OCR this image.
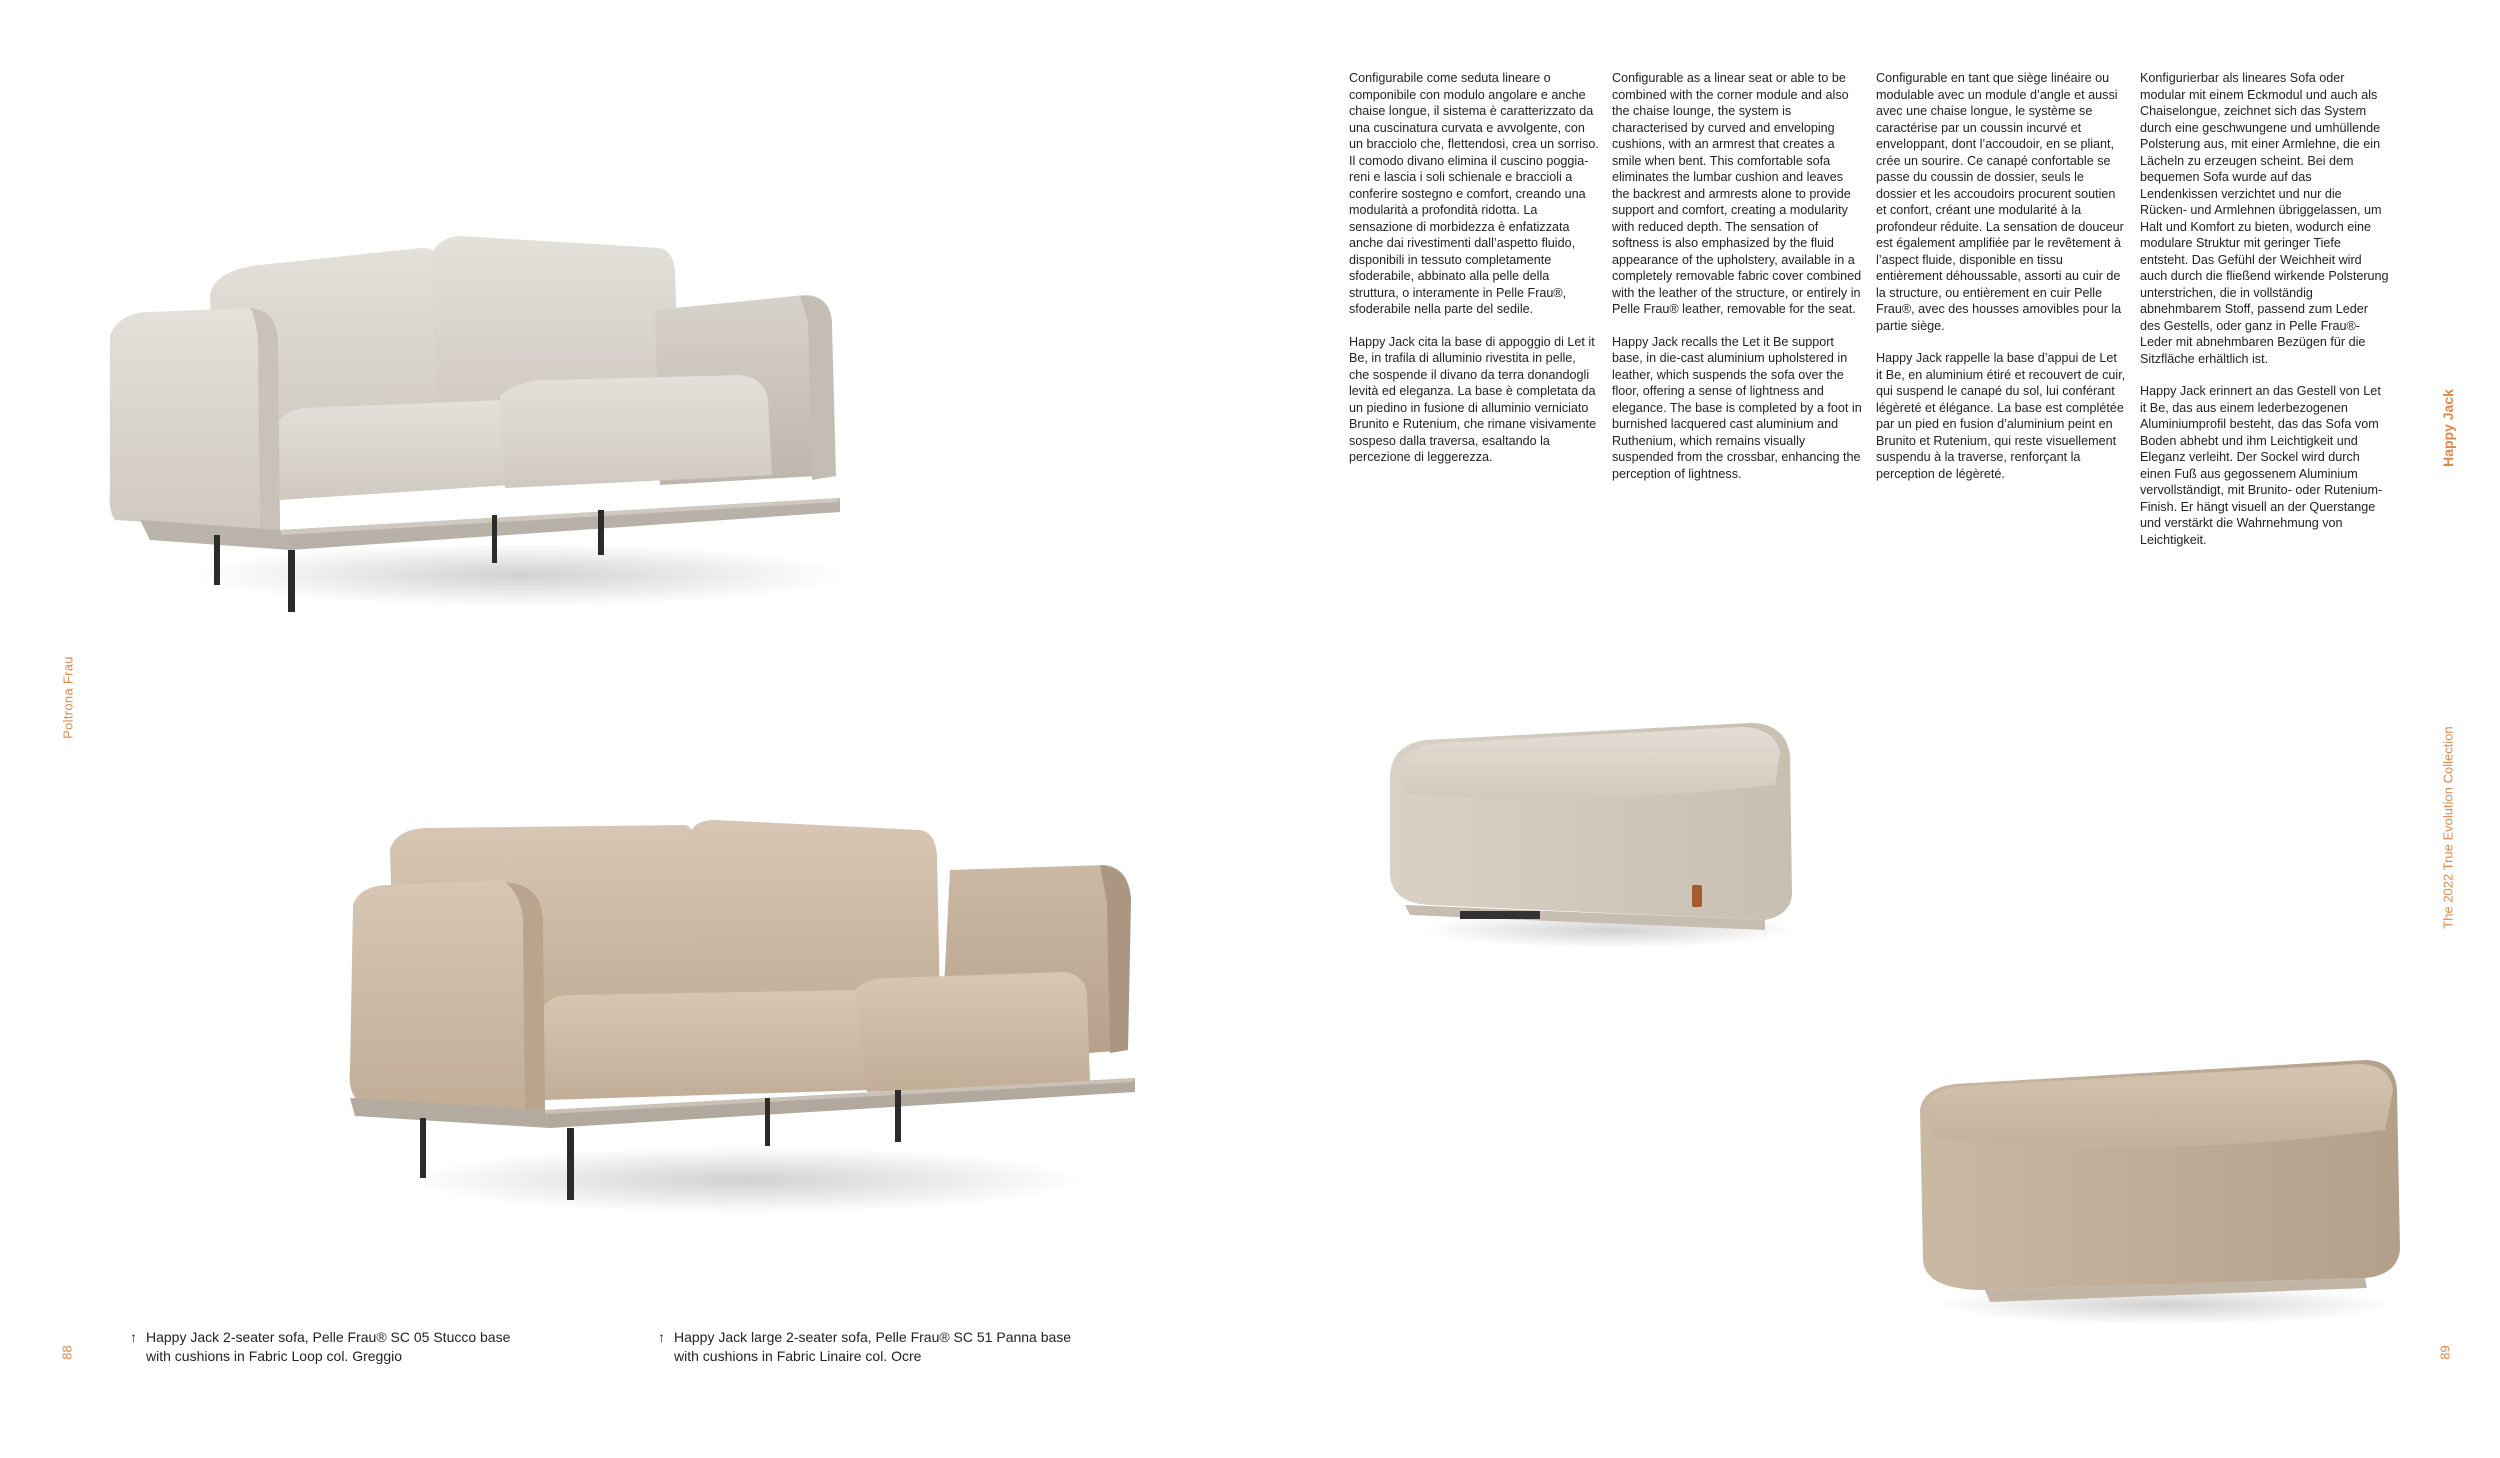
Poltrona Frau
88
Happy Jack
The 2022 True Evolution Collection
89

Configurabile come seduta lineare o componibile con modulo angolare e anche chaise longue, il sistema è caratterizzato da una cuscinatura curvata e avvolgente, con un bracciolo che, flettendosi, crea un sorriso. Il comodo divano elimina il cuscino poggia-reni e lascia i soli schienale e braccioli a conferire sostegno e comfort, creando una modularità a profondità ridotta. La sensazione di morbidezza è enfatizzata anche dai rivestimenti dall’aspetto fluido, disponibili in tessuto completamente sfoderabile, abbinato alla pelle della struttura, o interamente in Pelle Frau®, sfoderabile nella parte del sedile.

Happy Jack cita la base di appoggio di Let it Be, in trafila di alluminio rivestita in pelle, che sospende il divano da terra donandogli levità ed eleganza. La base è completata da un piedino in fusione di alluminio verniciato Brunito e Rutenium, che rimane visivamente sospeso dalla traversa, esaltando la percezione di leggerezza.

Configurable as a linear seat or able to be combined with the corner module and also the chaise lounge, the system is characterised by curved and enveloping cushions, with an armrest that creates a smile when bent. This comfortable sofa eliminates the lumbar cushion and leaves the backrest and armrests alone to provide support and comfort, creating a modularity with reduced depth. The sensation of softness is also emphasized by the fluid appearance of the upholstery, available in a completely removable fabric cover combined with the leather of the structure, or entirely in Pelle Frau® leather, removable for the seat.

Happy Jack recalls the Let it Be support base, in die-cast aluminium upholstered in leather, which suspends the sofa over the floor, offering a sense of lightness and elegance. The base is completed by a foot in burnished lacquered cast aluminium and Ruthenium, which remains visually suspended from the crossbar, enhancing the perception of lightness.

Configurable en tant que siège linéaire ou modulable avec un module d’angle et aussi avec une chaise longue, le système se caractérise par un coussin incurvé et enveloppant, dont l’accoudoir, en se pliant, crée un sourire. Ce canapé confortable se passe du coussin de dossier, seuls le dossier et les accoudoirs procurent soutien et confort, créant une modularité à la profondeur réduite. La sensation de douceur est également amplifiée par le revêtement à l’aspect fluide, disponible en tissu entièrement déhoussable, assorti au cuir de la structure, ou entièrement en cuir Pelle Frau®, avec des housses amovibles pour la partie siège.

Happy Jack rappelle la base d’appui de Let it Be, en aluminium étiré et recouvert de cuir, qui suspend le canapé du sol, lui conférant légèreté et élégance. La base est complétée par un pied en fusion d’aluminium peint en Brunito et Rutenium, qui reste visuellement suspendu à la traverse, renforçant la perception de légèreté.

Konfigurierbar als lineares Sofa oder modular mit einem Eckmodul und auch als Chaiselongue, zeichnet sich das System durch eine geschwungene und umhüllende Polsterung aus, mit einer Armlehne, die ein Lächeln zu erzeugen scheint. Bei dem bequemen Sofa wurde auf das Lendenkissen verzichtet und nur die Rücken- und Armlehnen übriggelassen, um Halt und Komfort zu bieten, wodurch eine modulare Struktur mit geringer Tiefe entsteht. Das Gefühl der Weichheit wird auch durch die fließend wirkende Polsterung unterstrichen, die in vollständig abnehmbarem Stoff, passend zum Leder des Gestells, oder ganz in Pelle Frau®-Leder mit abnehmbaren Bezügen für die Sitzfläche erhältlich ist.

Happy Jack erinnert an das Gestell von Let it Be, das aus einem lederbezogenen Aluminiumprofil besteht, das das Sofa vom Boden abhebt und ihm Leichtigkeit und Eleganz verleiht. Der Sockel wird durch einen Fuß aus gegossenem Aluminium vervollständigt, mit Brunito- oder Rutenium-Finish. Er hängt visuell an der Querstange und verstärkt die Wahrnehmung von Leichtigkeit.

↑ Happy Jack 2-seater sofa, Pelle Frau® SC 05 Stucco base
with cushions in Fabric Loop col. Greggio
↑ Happy Jack large 2-seater sofa, Pelle Frau® SC 51 Panna base
with cushions in Fabric Linaire col. Ocre
